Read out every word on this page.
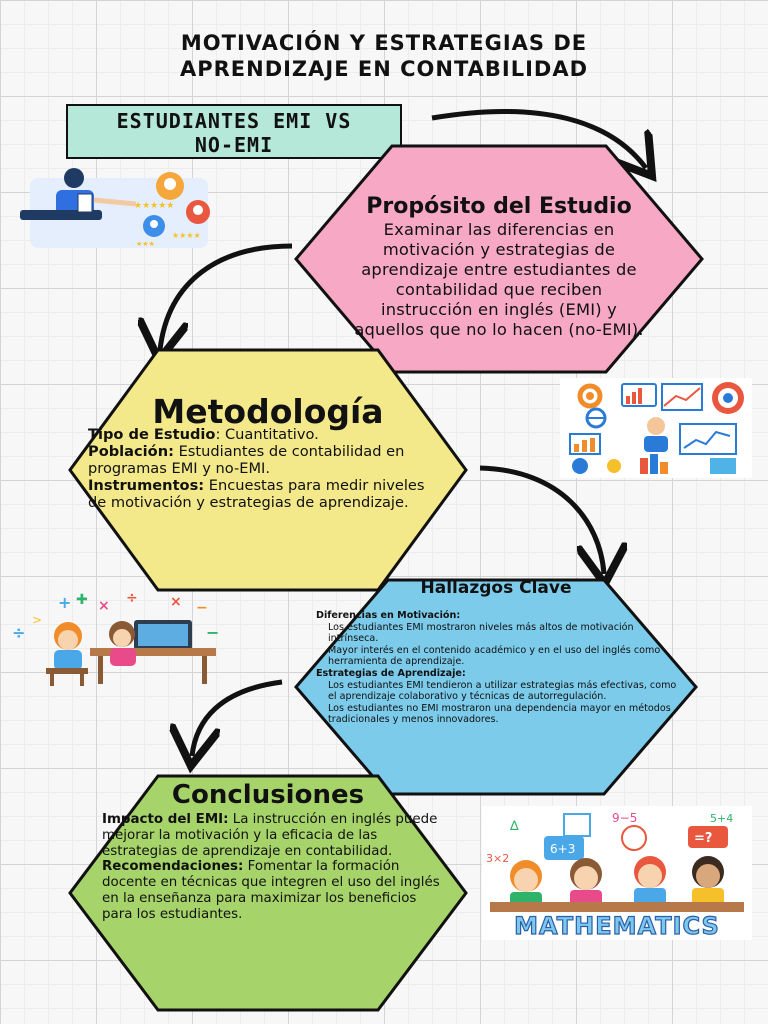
MOTIVACIÓN Y ESTRATEGIAS DE
APRENDIZAJE EN CONTABILIDAD
ESTUDIANTES EMI VS
NO-EMI
Propósito del Estudio
Examinar las diferencias en motivación y estrategias de aprendizaje entre estudiantes de contabilidad que reciben instrucción en inglés (EMI) y aquellos que no lo hacen (no-EMI).
Metodología

Tipo de Estudio: Cuantitativo.

Población: Estudiantes de contabilidad en programas EMI y no-EMI.

Instrumentos: Encuestas para medir niveles de motivación y estrategias de aprendizaje.

Hallazgos Clave

Diferencias en Motivación:

Los estudiantes EMI mostraron niveles más altos de motivación intrínseca.

Mayor interés en el contenido académico y en el uso del inglés como herramienta de aprendizaje.

Estrategias de Aprendizaje:

Los estudiantes EMI tendieron a utilizar estrategias más efectivas, como el aprendizaje colaborativo y técnicas de autorregulación.

Los estudiantes no EMI mostraron una dependencia mayor en métodos tradicionales y menos innovadores.

Conclusiones

Impacto del EMI: La instrucción en inglés puede mejorar la motivación y la eficacia de las estrategias de aprendizaje en contabilidad.

Recomendaciones: Fomentar la formación docente en técnicas que integren el uso del inglés en la enseñanza para maximizar los beneficios para los estudiantes.

★★★★★
★★★★
★★★
+ ✚ × ÷ × −
÷	−
>
∆
9−5	5+4
=?
6+3
3×2
MATHEMATICS
